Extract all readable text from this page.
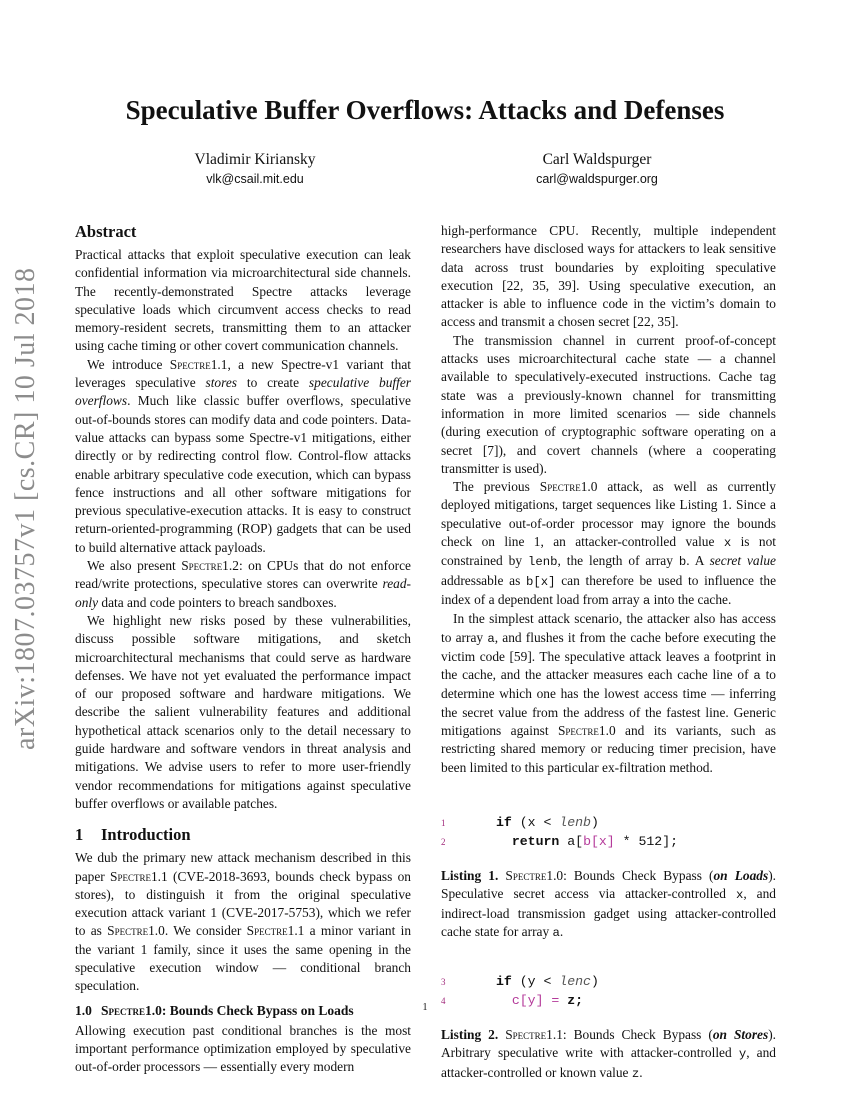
arXiv:1807.03757v1 [cs.CR] 10 Jul 2018
Speculative Buffer Overflows: Attacks and Defenses
Vladimir Kiriansky
vlk@csail.mit.edu
Carl Waldspurger
carl@waldspurger.org
Abstract

Practical attacks that exploit speculative execution can leak confidential information via microarchitectural side channels. The recently-demonstrated Spectre attacks leverage speculative loads which circumvent access checks to read memory-resident secrets, transmitting them to an attacker using cache timing or other covert communication channels.

We introduce Spectre1.1, a new Spectre-v1 variant that leverages speculative stores to create speculative buffer overflows. Much like classic buffer overflows, speculative out-of-bounds stores can modify data and code pointers. Data-value attacks can bypass some Spectre-v1 mitigations, either directly or by redirecting control flow. Control-flow attacks enable arbitrary speculative code execution, which can bypass fence instructions and all other software mitigations for previous speculative-execution attacks. It is easy to construct return-oriented-programming (ROP) gadgets that can be used to build alternative attack payloads.

We also present Spectre1.2: on CPUs that do not enforce read/write protections, speculative stores can overwrite read-only data and code pointers to breach sandboxes.

We highlight new risks posed by these vulnerabilities, discuss possible software mitigations, and sketch microarchitectural mechanisms that could serve as hardware defenses. We have not yet evaluated the performance impact of our proposed software and hardware mitigations. We describe the salient vulnerability features and additional hypothetical attack scenarios only to the detail necessary to guide hardware and software vendors in threat analysis and mitigations. We advise users to refer to more user-friendly vendor recommendations for mitigations against speculative buffer overflows or available patches.

1 Introduction

We dub the primary new attack mechanism described in this paper Spectre1.1 (CVE-2018-3693, bounds check bypass on stores), to distinguish it from the original speculative execution attack variant 1 (CVE-2017-5753), which we refer to as Spectre1.0. We consider Spectre1.1 a minor variant in the variant 1 family, since it uses the same opening in the speculative execution window — conditional branch speculation.

1.0 Spectre1.0: Bounds Check Bypass on Loads

Allowing execution past conditional branches is the most important performance optimization employed by speculative out-of-order processors — essentially every modern

high-performance CPU. Recently, multiple independent researchers have disclosed ways for attackers to leak sensitive data across trust boundaries by exploiting speculative execution [22, 35, 39]. Using speculative execution, an attacker is able to influence code in the victim’s domain to access and transmit a chosen secret [22, 35].

The transmission channel in current proof-of-concept attacks uses microarchitectural cache state — a channel available to speculatively-executed instructions. Cache tag state was a previously-known channel for transmitting information in more limited scenarios — side channels (during execution of cryptographic software operating on a secret [7]), and covert channels (where a cooperating transmitter is used).

The previous Spectre1.0 attack, as well as currently deployed mitigations, target sequences like Listing 1. Since a speculative out-of-order processor may ignore the bounds check on line 1, an attacker-controlled value x is not constrained by lenb, the length of array b. A secret value addressable as b[x] can therefore be used to influence the index of a dependent load from array a into the cache.

In the simplest attack scenario, the attacker also has access to array a, and flushes it from the cache before executing the victim code [59]. The speculative attack leaves a footprint in the cache, and the attacker measures each cache line of a to determine which one has the lowest access time — inferring the secret value from the address of the fastest line. Generic mitigations against Spectre1.0 and its variants, such as restricting shared memory or reducing timer precision, have been limited to this particular ex-filtration method.

1	if (x < lenb)
2	return a[b[x] * 512];

Listing 1. Spectre1.0: Bounds Check Bypass (on Loads). Speculative secret access via attacker-controlled x, and indirect-load transmission gadget using attacker-controlled cache state for array a.

3	if (y < lenc)
4	c[y] = z;

Listing 2. Spectre1.1: Bounds Check Bypass (on Stores). Arbitrary speculative write with attacker-controlled y, and attacker-controlled or known value z.

1
